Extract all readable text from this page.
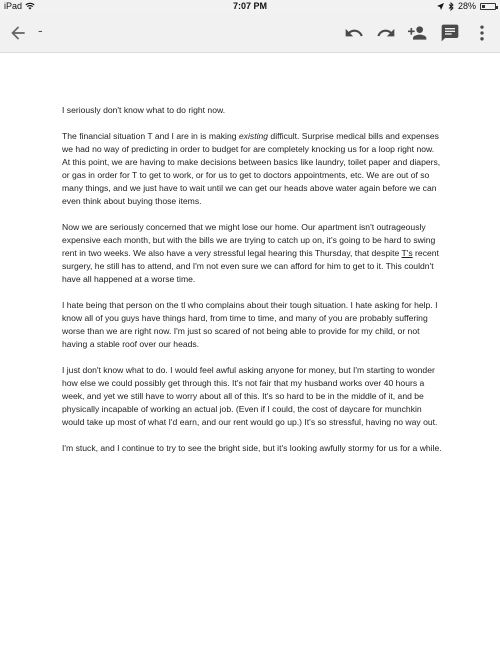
iPad	7:07 PM	28%
-

I seriously don't know what to do right now.

The financial situation T and I are in is making existing difficult. Surprise medical bills and expenses we had no way of predicting in order to budget for are completely knocking us for a loop right now. At this point, we are having to make decisions between basics like laundry, toilet paper and diapers, or gas in order for T to get to work, or for us to get to doctors appointments, etc. We are out of so many things, and we just have to wait until we can get our heads above water again before we can even think about buying those items.

Now we are seriously concerned that we might lose our home. Our apartment isn't outrageously expensive each month, but with the bills we are trying to catch up on, it's going to be hard to swing rent in two weeks. We also have a very stressful legal hearing this Thursday, that despite T's recent surgery, he still has to attend, and I'm not even sure we can afford for him to get to it. This couldn't have all happened at a worse time.

I hate being that person on the tl who complains about their tough situation. I hate asking for help. I know all of you guys have things hard, from time to time, and many of you are probably suffering worse than we are right now. I'm just so scared of not being able to provide for my child, or not having a stable roof over our heads.

I just don't know what to do. I would feel awful asking anyone for money, but I'm starting to wonder how else we could possibly get through this. It's not fair that my husband works over 40 hours a week, and yet we still have to worry about all of this. It's so hard to be in the middle of it, and be physically incapable of working an actual job. (Even if I could, the cost of daycare for munchkin would take up most of what I'd earn, and our rent would go up.) It's so stressful, having no way out.

I'm stuck, and I continue to try to see the bright side, but it's looking awfully stormy for us for a while.
